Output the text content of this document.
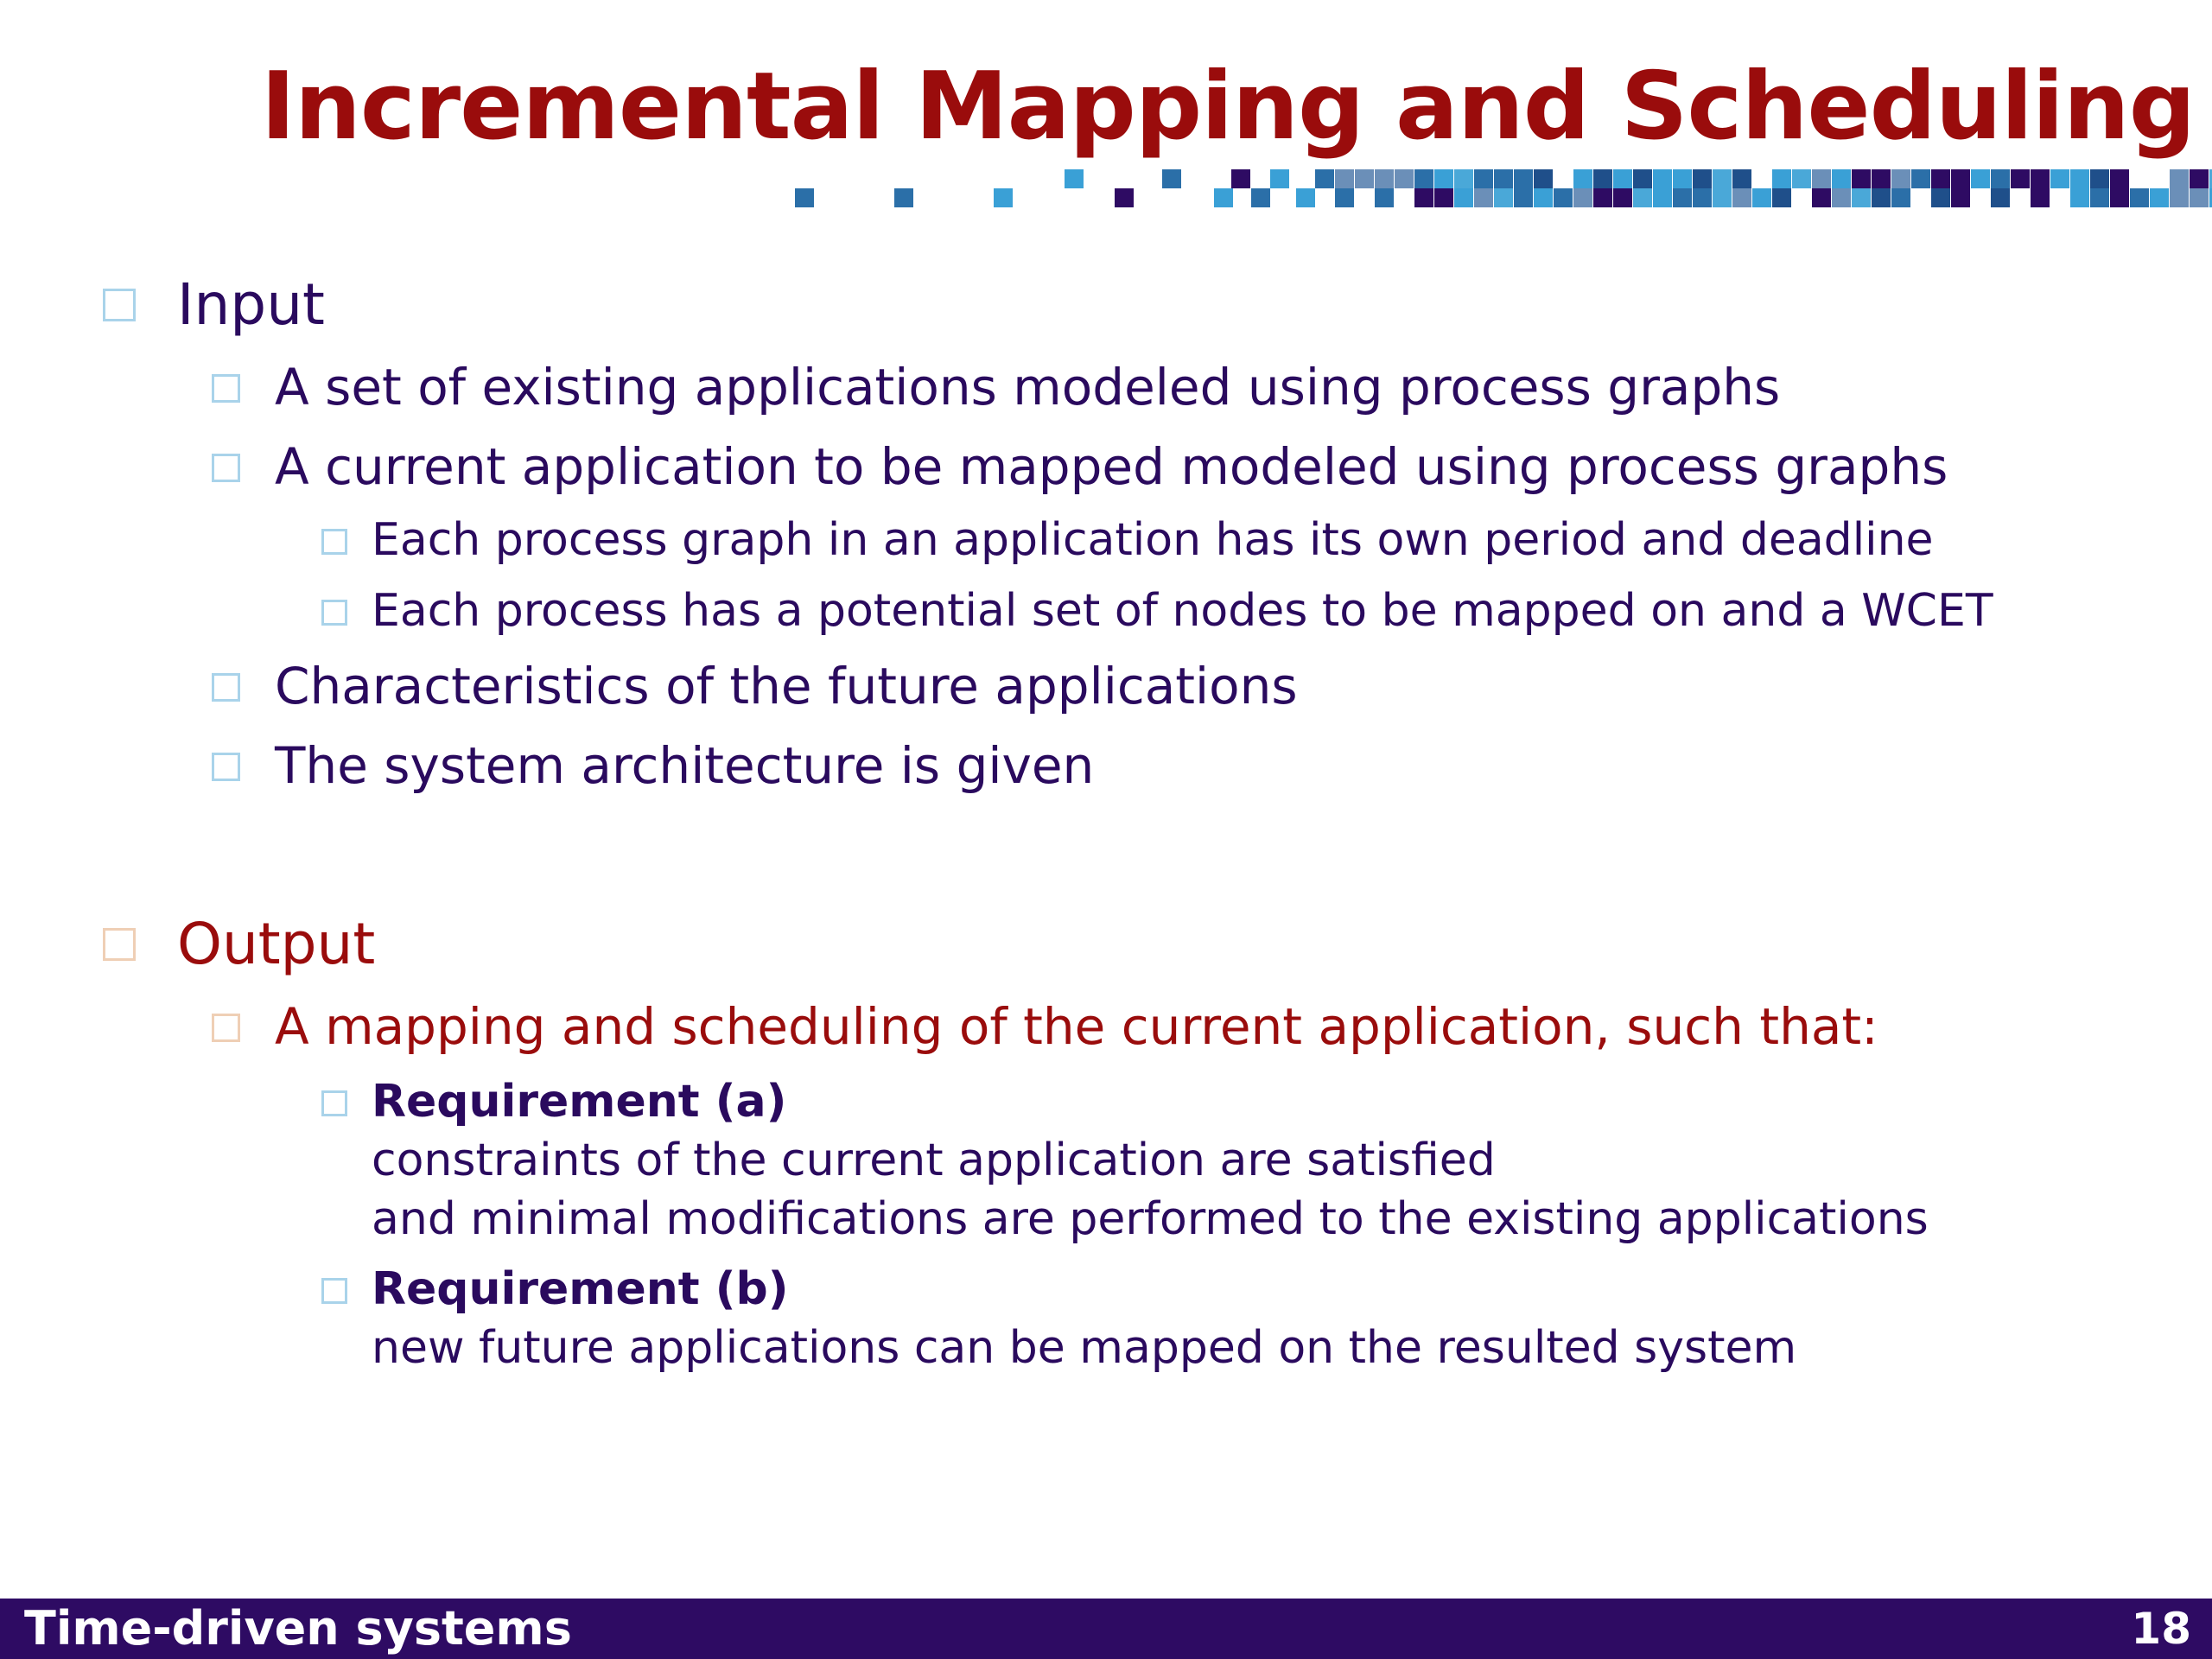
Incremental Mapping and Scheduling
Input
A set of existing applications modeled using process graphs
A current application to be mapped modeled using process graphs
Each process graph in an application has its own period and deadline
Each process has a potential set of nodes to be mapped on and a WCET
Characteristics of the future applications
The system architecture is given
Output
A mapping and scheduling of the current application, such that:
Requirement (a)
constraints of the current application are satisfied
and minimal modifications are performed to the existing applications
Requirement (b)
new future applications can be mapped on the resulted system
Time-driven systems	18
